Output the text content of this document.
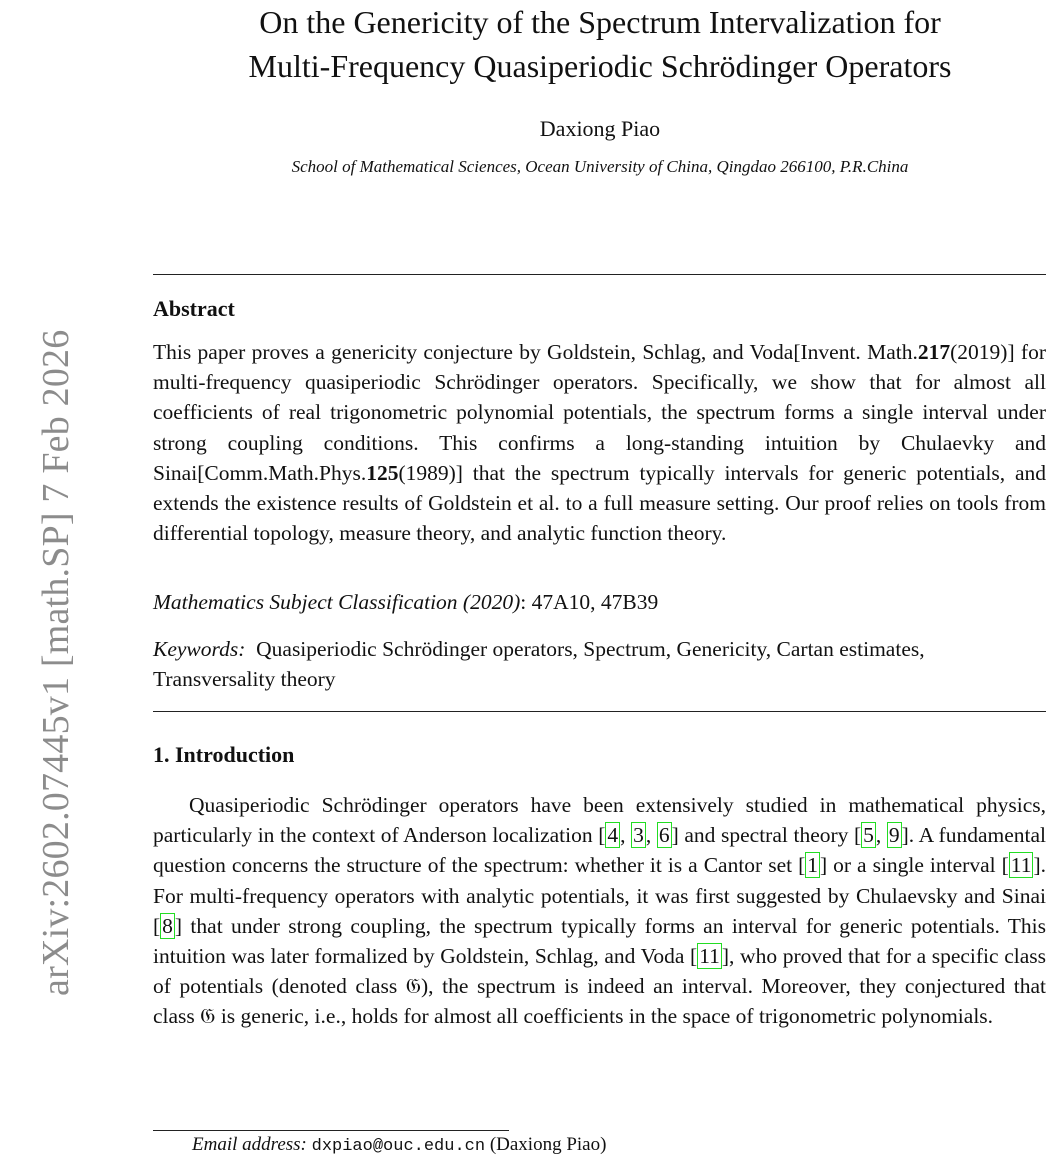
arXiv:2602.07445v1 [math.SP] 7 Feb 2026
On the Genericity of the Spectrum Intervalization for
Multi-Frequency Quasiperiodic Schrödinger Operators
Daxiong Piao
School of Mathematical Sciences, Ocean University of China, Qingdao 266100, P.R.China
Abstract

This paper proves a genericity conjecture by Goldstein, Schlag, and Voda[Invent. Math.217(2019)] for multi-frequency quasiperiodic Schrödinger operators. Specifically, we show that for almost all coefficients of real trigonometric polynomial potentials, the spectrum forms a single interval under strong coupling conditions. This confirms a long-standing intuition by Chulaevky and Sinai[Comm.Math.Phys.125(1989)] that the spectrum typically intervals for generic potentials, and extends the existence results of Goldstein et al. to a full measure setting. Our proof relies on tools from differential topology, measure theory, and analytic function theory.

Mathematics Subject Classification (2020): 47A10, 47B39
Keywords: Quasiperiodic Schrödinger operators, Spectrum, Genericity, Cartan estimates, Transversality theory
1. Introduction

Quasiperiodic Schrödinger operators have been extensively studied in mathematical physics, particularly in the context of Anderson localization [4, 3, 6] and spectral theory [5, 9]. A fundamental question concerns the structure of the spectrum: whether it is a Cantor set [1] or a single interval [11]. For multi-frequency operators with analytic potentials, it was first suggested by Chulaevsky and Sinai [8] that under strong coupling, the spectrum typically forms an interval for generic potentials. This intuition was later formalized by Goldstein, Schlag, and Voda [11], who proved that for a specific class of potentials (denoted class 𝔊), the spectrum is indeed an interval. Moreover, they conjectured that class 𝔊 is generic, i.e., holds for almost all coefficients in the space of trigonometric polynomials.

Email address: dxpiao@ouc.edu.cn (Daxiong Piao)
